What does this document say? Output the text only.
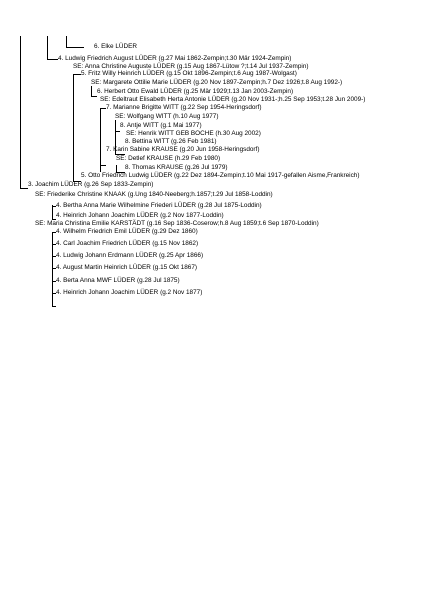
6. Elke LÜDER
4. Ludwig Friedrich August LÜDER (g.27 Mai 1862-Zempin;t.30 Mär 1924-Zempin)
SE: Anna Christine Auguste LÜDER (g.15 Aug 1867-Lütow ?;t.14 Jul 1937-Zempin)
5. Fritz Willy Heinrich LÜDER (g.15 Okt 1896-Zempin;t.6 Aug 1987-Wolgast)
SE: Margarete Ottilie Marie LÜDER (g.20 Nov 1897-Zempin;h.7 Dez 1926;t.8 Aug 1992-)
6. Herbert Otto Ewald LÜDER (g.25 Mär 1929;t.13 Jan 2003-Zempin)
SE: Edeltraut Elisabeth Herta Antonie LÜDER (g.20 Nov 1931-;h.25 Sep 1953;t.28 Jun 2009-)
7. Marianne Brigitte WITT (g.22 Sep 1954-Heringsdorf)
SE: Wolfgang WITT (h.10 Aug 1977)
8. Antje WITT (g.1 Mai 1977)
SE: Henrik WITT GEB BOCHE (h.30 Aug 2002)
8. Bettina WITT (g.26 Feb 1981)
7. Karin Sabine KRAUSE (g.20 Jun 1958-Heringsdorf)
SE: Detlef KRAUSE (h.29 Feb 1980)
8. Thomas KRAUSE (g.26 Jul 1979)
5. Otto Friedrich Ludwig LÜDER (g.22 Dez 1894-Zempin;t.10 Mai 1917-gefallen Aisme,Frankreich)
3. Joachim LÜDER (g.26 Sep 1833-Zempin)
SE: Friederike Christine KNAAK (g.Ung 1840-Neeberg;h.1857;t.29 Jul 1858-Loddin)
4. Bertha Anna Marie Wilhelmine Friederi LÜDER (g.28 Jul 1875-Loddin)
4. Heinrich Johann Joachim LÜDER (g.2 Nov 1877-Loddin)
SE: Maria Christina Emilie KARSTÄDT (g.16 Sep 1836-Coserow;h.8 Aug 1859;t.6 Sep 1870-Loddin)
4. Wilhelm Friedrich Emil LÜDER (g.29 Dez 1860)
4. Carl Joachim Friedrich LÜDER (g.15 Nov 1862)
4. Ludwig Johann Erdmann LÜDER (g.25 Apr 1866)
4. August Martin Heinrich LÜDER (g.15 Okt 1867)
4. Berta Anna MWF LÜDER (g.28 Jul 1875)
4. Heinrich Johann Joachim LÜDER (g.2 Nov 1877)
